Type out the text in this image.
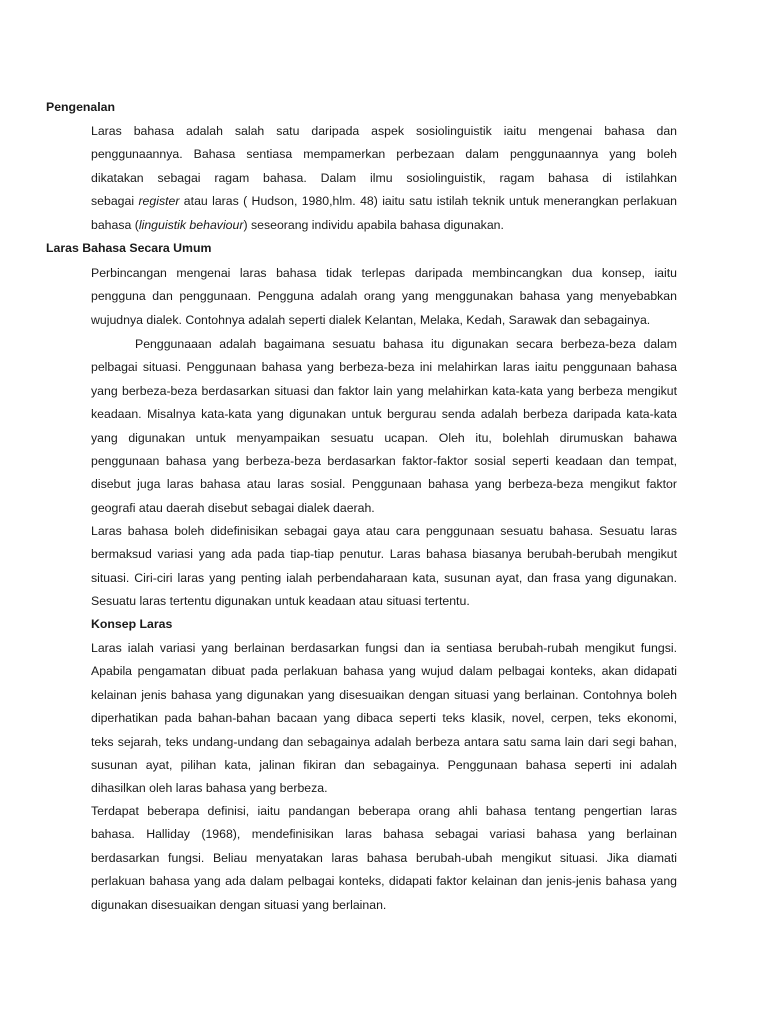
Pengenalan
Laras bahasa adalah salah satu daripada aspek sosiolinguistik iaitu mengenai bahasa dan
penggunaannya. Bahasa sentiasa mempamerkan perbezaan dalam penggunaannya yang boleh
dikatakan sebagai ragam bahasa. Dalam ilmu sosiolinguistik, ragam bahasa di istilahkan
sebagai register atau laras ( Hudson, 1980,hlm. 48) iaitu satu istilah teknik untuk menerangkan perlakuan
bahasa (linguistik behaviour) seseorang individu apabila bahasa digunakan.
Laras Bahasa Secara Umum
Perbincangan mengenai laras bahasa tidak terlepas daripada membincangkan dua konsep, iaitu
pengguna dan penggunaan. Pengguna adalah orang yang menggunakan bahasa yang menyebabkan
wujudnya dialek. Contohnya adalah seperti dialek Kelantan, Melaka, Kedah, Sarawak dan sebagainya.
Penggunaaan adalah bagaimana sesuatu bahasa itu digunakan secara berbeza-beza dalam
pelbagai situasi. Penggunaan bahasa yang berbeza-beza ini melahirkan laras iaitu penggunaan bahasa
yang berbeza-beza berdasarkan situasi dan faktor lain yang melahirkan kata-kata yang berbeza mengikut
keadaan. Misalnya kata-kata yang digunakan untuk bergurau senda adalah berbeza daripada kata-kata
yang digunakan untuk menyampaikan sesuatu ucapan. Oleh itu, bolehlah dirumuskan bahawa
penggunaan bahasa yang berbeza-beza berdasarkan faktor-faktor sosial seperti keadaan dan tempat,
disebut juga laras bahasa atau laras sosial. Penggunaan bahasa yang berbeza-beza mengikut faktor
geografi atau daerah disebut sebagai dialek daerah.
Laras bahasa boleh didefinisikan sebagai gaya atau cara penggunaan sesuatu bahasa. Sesuatu laras
bermaksud variasi yang ada pada tiap-tiap penutur. Laras bahasa biasanya berubah-berubah mengikut
situasi. Ciri-ciri laras yang penting ialah perbendaharaan kata, susunan ayat, dan frasa yang digunakan.
Sesuatu laras tertentu digunakan untuk keadaan atau situasi tertentu.
Konsep Laras
Laras ialah variasi yang berlainan berdasarkan fungsi dan ia sentiasa berubah-rubah mengikut fungsi.
Apabila pengamatan dibuat pada perlakuan bahasa yang wujud dalam pelbagai konteks, akan didapati
kelainan jenis bahasa yang digunakan yang disesuaikan dengan situasi yang berlainan. Contohnya boleh
diperhatikan pada bahan-bahan bacaan yang dibaca seperti teks klasik, novel, cerpen, teks ekonomi,
teks sejarah, teks undang-undang dan sebagainya adalah berbeza antara satu sama lain dari segi bahan,
susunan ayat, pilihan kata, jalinan fikiran dan sebagainya. Penggunaan bahasa seperti ini adalah
dihasilkan oleh laras bahasa yang berbeza.
Terdapat beberapa definisi, iaitu pandangan beberapa orang ahli bahasa tentang pengertian laras
bahasa. Halliday (1968), mendefinisikan laras bahasa sebagai variasi bahasa yang berlainan
berdasarkan fungsi. Beliau menyatakan laras bahasa berubah-ubah mengikut situasi. Jika diamati
perlakuan bahasa yang ada dalam pelbagai konteks, didapati faktor kelainan dan jenis-jenis bahasa yang
digunakan disesuaikan dengan situasi yang berlainan.
